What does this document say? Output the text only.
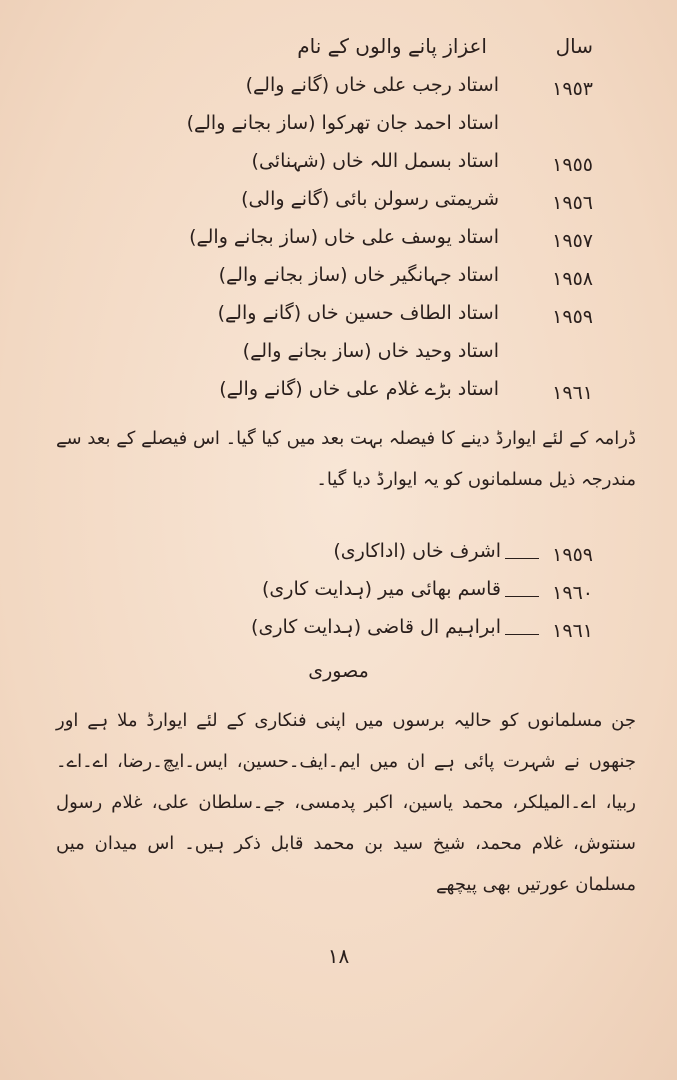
سال
اعزاز پانے والوں کے نام
١٩٥٣
استاد رجب علی خاں (گانے والے)
استاد احمد جان تھرکوا (ساز بجانے والے)
١٩٥٥
استاد بسمل اللہ خاں (شہنائی)
١٩٥٦
شریمتی رسولن بائی (گانے والی)
١٩٥٧
استاد یوسف علی خاں (ساز بجانے والے)
١٩٥٨
استاد جہانگیر خاں (ساز بجانے والے)
١٩٥٩
استاد الطاف حسین خاں (گانے والے)
استاد وحید خاں (ساز بجانے والے)
١٩٦١
استاد بڑے غلام علی خاں (گانے والے)

ڈرامہ کے لئے ایوارڈ دینے کا فیصلہ بہت بعد میں کیا گیا۔ اس فیصلے کے بعد سے مندرجہ ذیل مسلمانوں کو یہ ایوارڈ دیا گیا۔

١٩٥٩
اشرف خاں (اداکاری)
١٩٦٠
قاسم بھائی میر (ہدایت کاری)
١٩٦١
ابراہیم ال قاضی (ہدایت کاری)
مصوری

جن مسلمانوں کو حالیہ برسوں میں اپنی فنکاری کے لئے ایوارڈ ملا ہے اور جنھوں نے شہرت پائی ہے ان میں ایم۔ایف۔حسین، ایس۔ایچ۔رضا، اے۔اے۔ربیا، اے۔المیلکر، محمد یاسین، اکبر پدمسی، جے۔سلطان علی، غلام رسول سنتوش، غلام محمد، شیخ سید بن محمد قابل ذکر ہیں۔ اس میدان میں مسلمان عورتیں بھی پیچھے

١٨
